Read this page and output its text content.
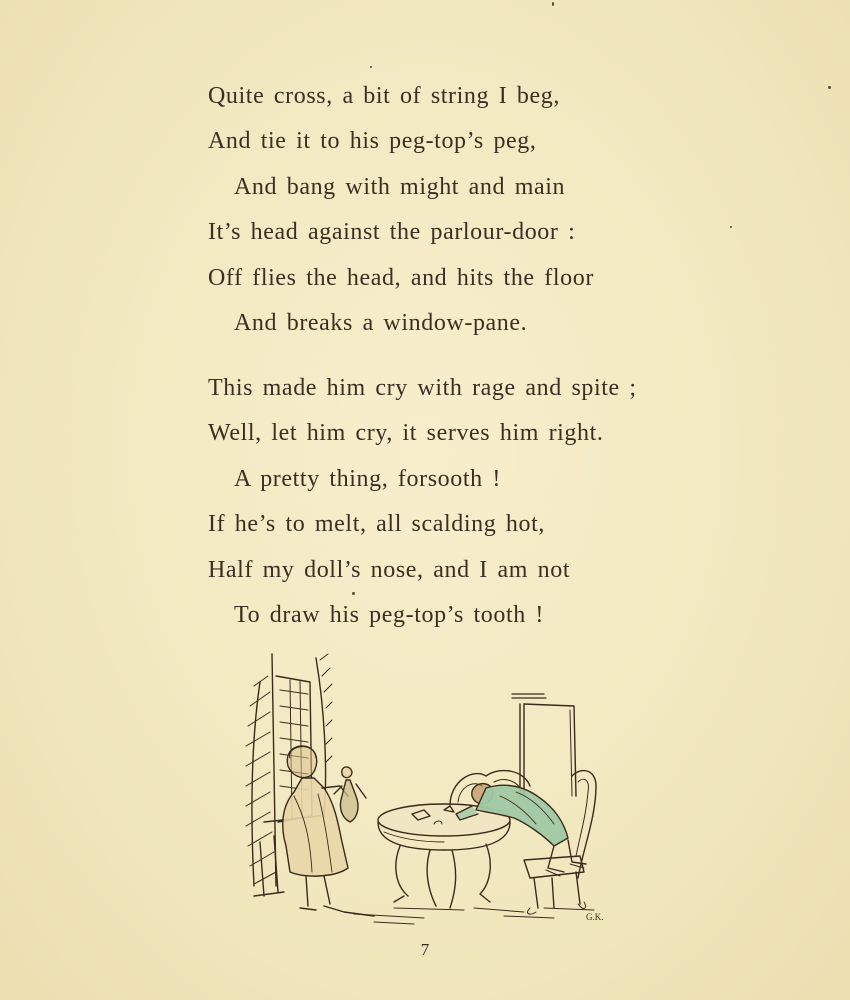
Quite cross, a bit of string I beg,
And tie it to his peg-top’s peg,
And bang with might and main
It’s head against the parlour-door :
Off flies the head, and hits the floor
And breaks a window-pane.
This made him cry with rage and spite ;
Well, let him cry, it serves him right.
A pretty thing, forsooth !
If he’s to melt, all scalding hot,
Half my doll’s nose, and I am not
To draw his peg-top’s tooth !
G.K.
7
